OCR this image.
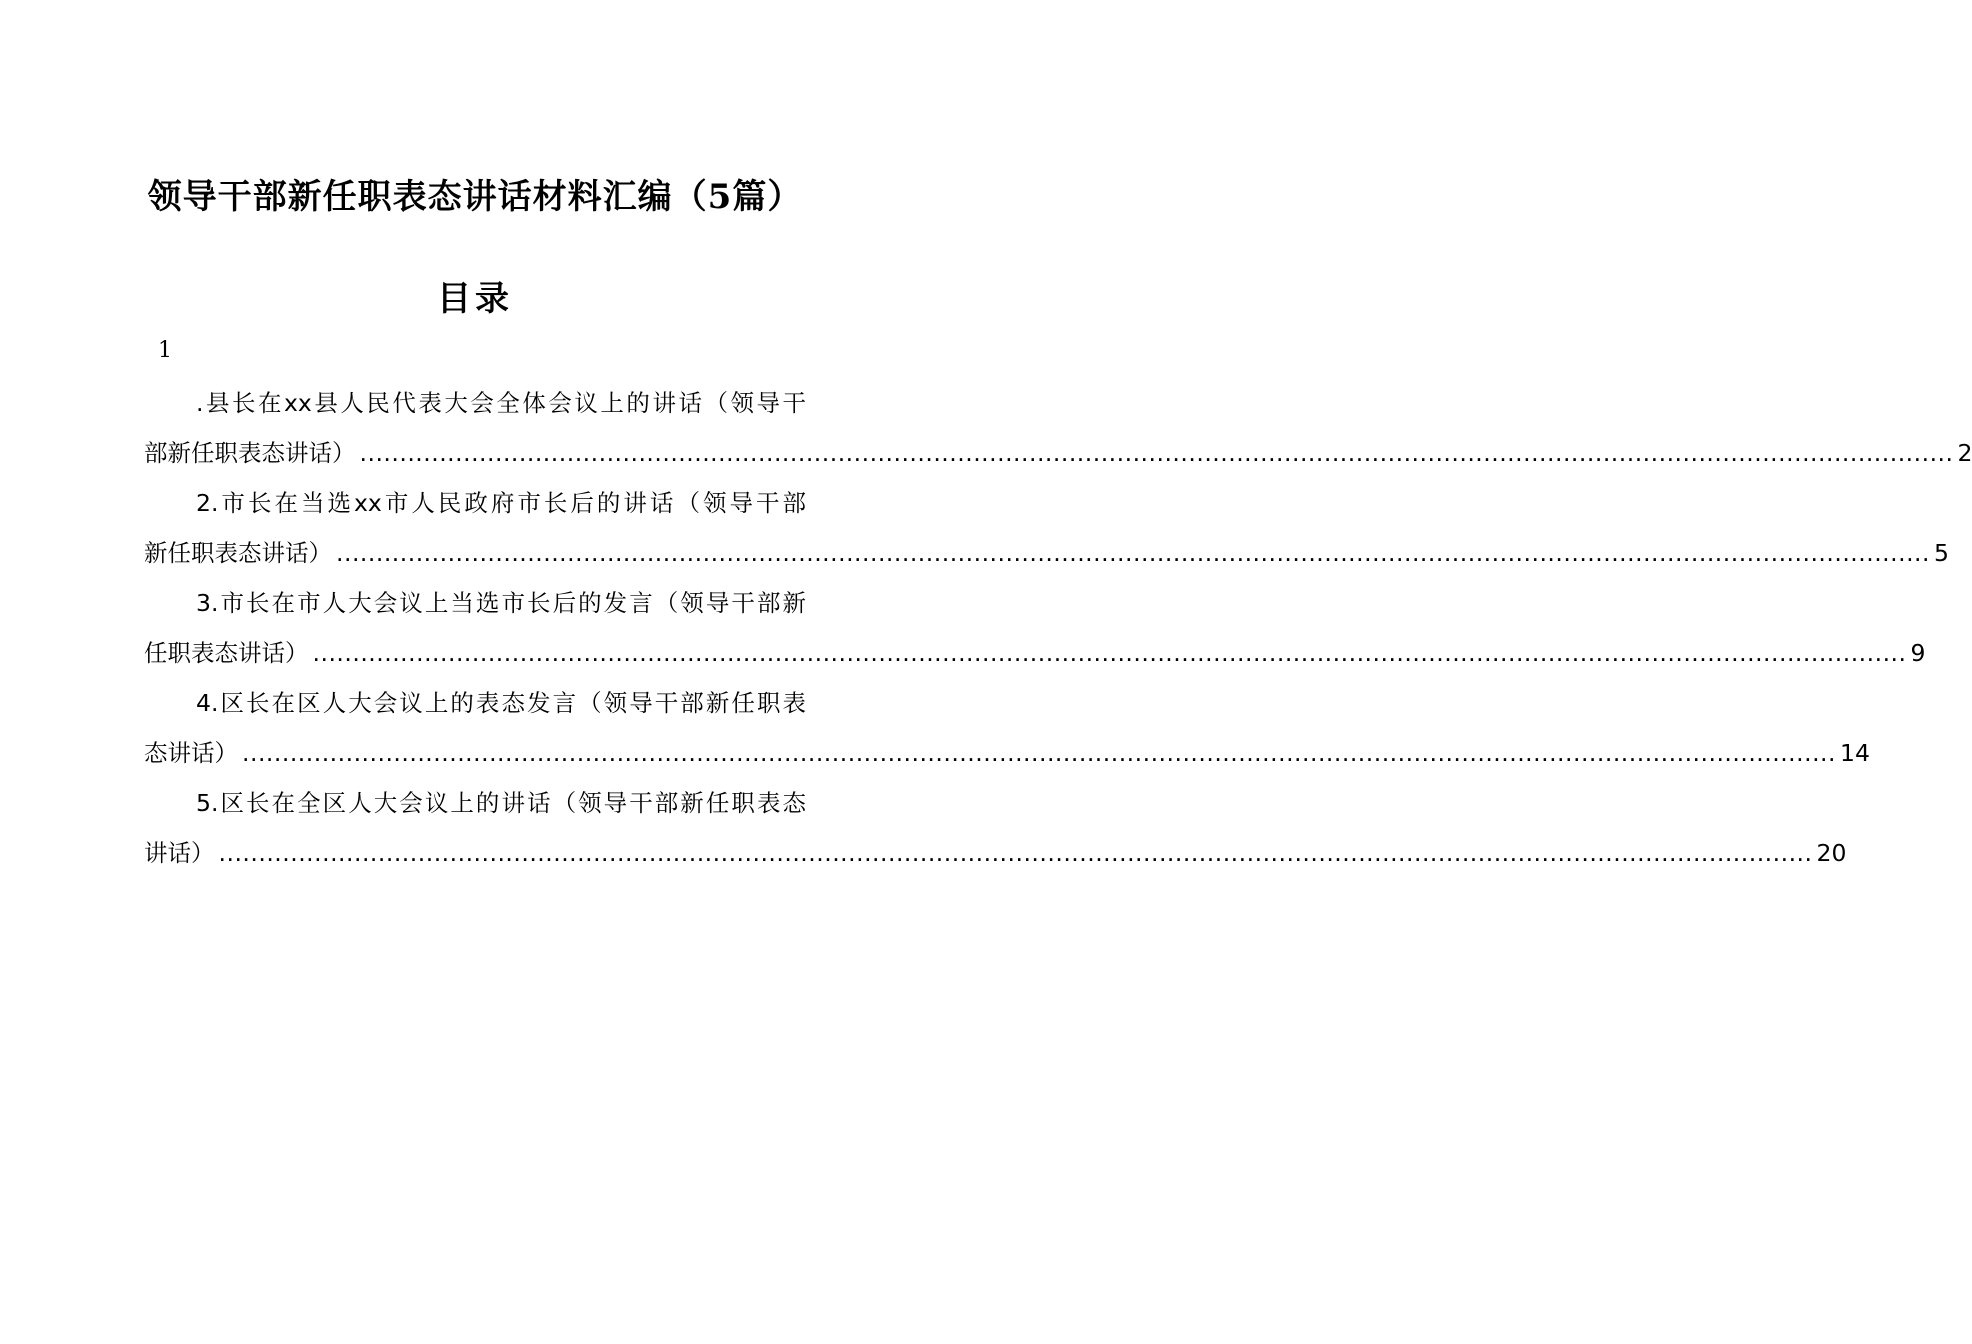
领导干部新任职表态讲话材料汇编（5篇）
目录
1
.县长在xx县人民代表大会全体会议上的讲话（领导干
部新任职表态讲话） ........................................................................................................................................................................................................ 2
2.市长在当选xx市人民政府市长后的讲话（领导干部
新任职表态讲话） ........................................................................................................................................................................................................ 5
3.市长在市人大会议上当选市长后的发言（领导干部新
任职表态讲话） ........................................................................................................................................................................................................ 9
4.区长在区人大会议上的表态发言（领导干部新任职表
态讲话） ........................................................................................................................................................................................................ 14
5.区长在全区人大会议上的讲话（领导干部新任职表态
讲话） ........................................................................................................................................................................................................ 20
